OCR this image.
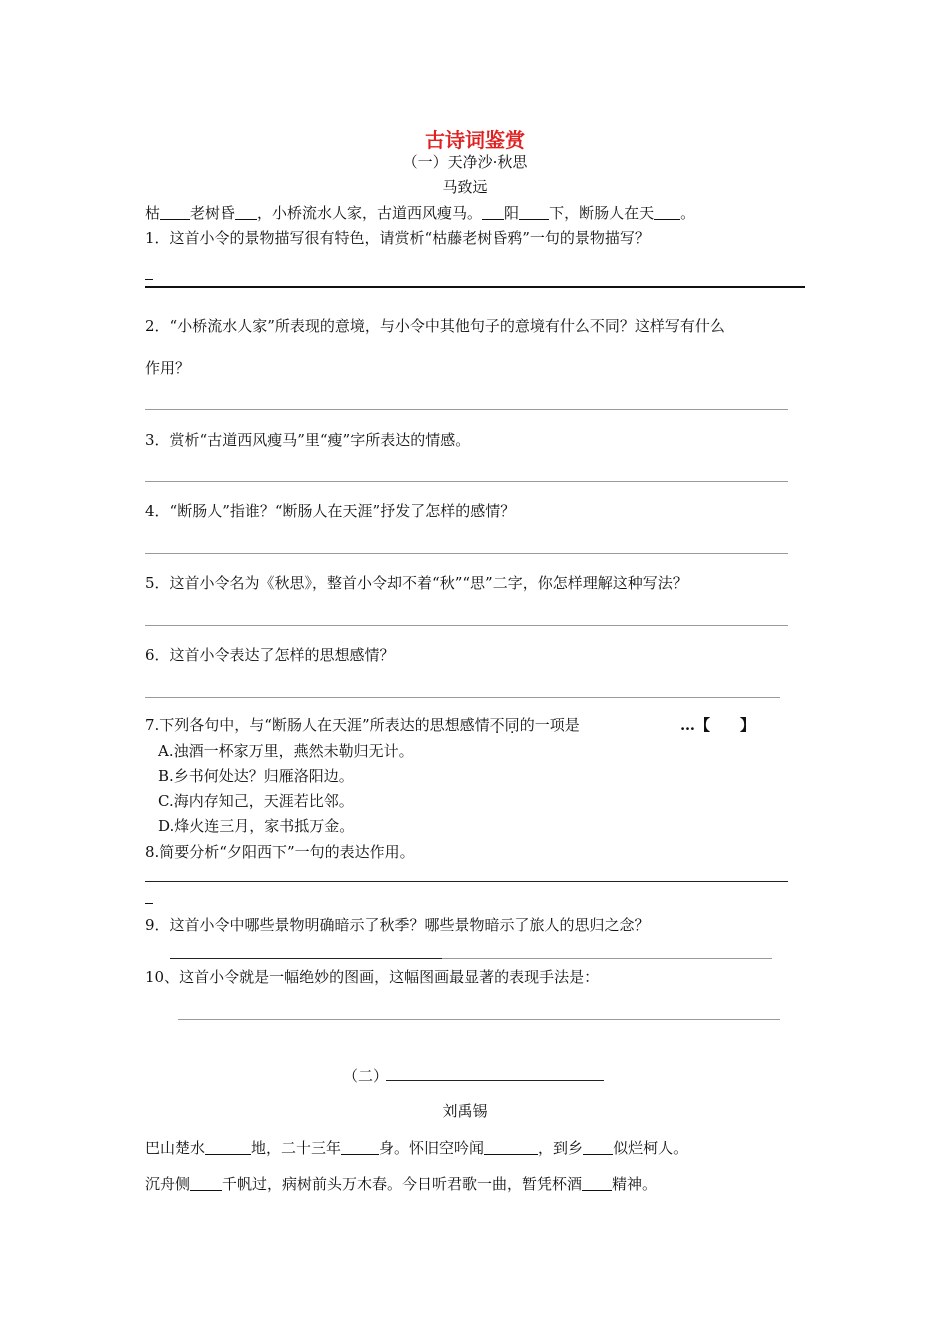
古诗词鉴赏
（一）天净沙·秋思
马致远
枯 老树昏 ，小桥流水人家，古道西风瘦马。 阳 下，断肠人在天 。
1．这首小令的景物描写很有特色，请赏析“枯藤老树昏鸦”一句的景物描写？
2．“小桥流水人家”所表现的意境，与小令中其他句子的意境有什么不同？这样写有什么
作用？
3．赏析“古道西风瘦马”里“瘦”字所表达的情感。
4．“断肠人”指谁？“断肠人在天涯”抒发了怎样的感情？
5．这首小令名为《秋思》，整首小令却不着“秋”“思”二字，你怎样理解这种写法？
6．这首小令表达了怎样的思想感情？
7.下列各句中，与“断肠人在天涯”所表达的思想感情不同的一项是	…【　　】
A.浊酒一杯家万里，燕然未勒归无计。
B.乡书何处达？归雁洛阳边。
C.海内存知己，天涯若比邻。
D.烽火连三月，家书抵万金。
8.简要分析“夕阳西下”一句的表达作用。
9．这首小令中哪些景物明确暗示了秋季？哪些景物暗示了旅人的思归之念？
10、这首小令就是一幅绝妙的图画，这幅图画最显著的表现手法是：
（二）
刘禹锡
巴山楚水	地，二十三年	身。怀旧空吟闻	，到乡 似烂柯人。
沉舟侧 千帆过，病树前头万木春。今日听君歌一曲，暂凭杯酒 精神。
